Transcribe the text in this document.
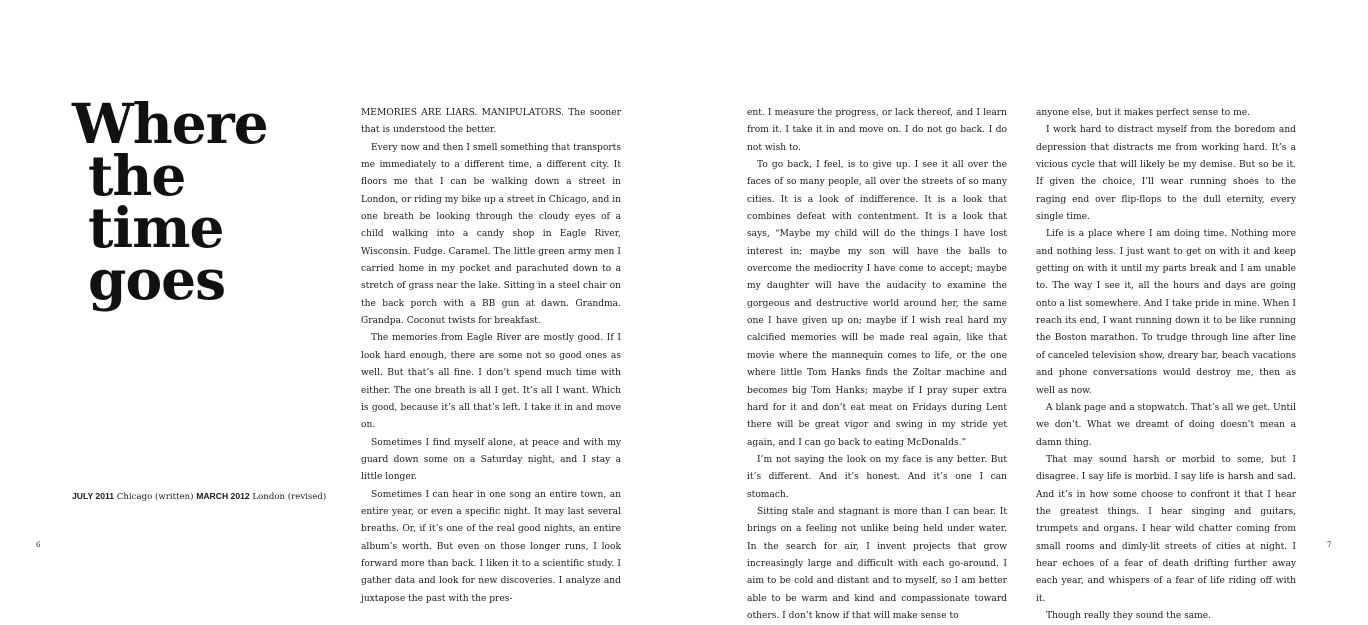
Where
the
time
goes
JULY 2011 Chicago (written) MARCH 2012 London (revised)

MEMORIES ARE LIARS. MANIPULATORS. The sooner that is understood the better.

Every now and then I smell something that transports me immediately to a different time, a different city. It floors me that I can be walking down a street in London, or riding my bike up a street in Chicago, and in one breath be looking through the cloudy eyes of a child walking into a candy shop in Eagle River, Wisconsin. Fudge. Caramel. The little green army men I carried home in my pocket and parachuted down to a stretch of grass near the lake. Sitting in a steel chair on the back porch with a BB gun at dawn. Grandma. Grandpa. Coconut twists for breakfast.

The memories from Eagle River are mostly good. If I look hard enough, there are some not so good ones as well. But that’s all fine. I don’t spend much time with either. The one breath is all I get. It’s all I want. Which is good, because it’s all that’s left. I take it in and move on.

Sometimes I find myself alone, at peace and with my guard down some on a Saturday night, and I stay a little longer.

Sometimes I can hear in one song an entire town, an entire year, or even a specific night. It may last several breaths. Or, if it’s one of the real good nights, an entire album’s worth. But even on those longer runs, I look forward more than back. I liken it to a scientific study. I gather data and look for new discoveries. I analyze and juxtapose the past with the pres-

ent. I measure the progress, or lack thereof, and I learn from it. I take it in and move on. I do not go back. I do not wish to.

To go back, I feel, is to give up. I see it all over the faces of so many people, all over the streets of so many cities. It is a look of indifference. It is a look that combines defeat with contentment. It is a look that says, “Maybe my child will do the things I have lost interest in; maybe my son will have the balls to overcome the mediocrity I have come to accept; maybe my daughter will have the audacity to examine the gorgeous and destructive world around her, the same one I have given up on; maybe if I wish real hard my calcified memories will be made real again, like that movie where the mannequin comes to life, or the one where little Tom Hanks finds the Zoltar machine and becomes big Tom Hanks; maybe if I pray super extra hard for it and don’t eat meat on Fridays during Lent there will be great vigor and swing in my stride yet again, and I can go back to eating McDonalds.”

I’m not saying the look on my face is any better. But it’s different. And it’s honest. And it’s one I can stomach.

Sitting stale and stagnant is more than I can bear. It brings on a feeling not unlike being held under water. In the search for air, I invent projects that grow increasingly large and difficult with each go-around. I aim to be cold and distant and to myself, so I am better able to be warm and kind and compassionate toward others. I don’t know if that will make sense to

anyone else, but it makes perfect sense to me.

I work hard to distract myself from the boredom and depression that distracts me from working hard. It’s a vicious cycle that will likely be my demise. But so be it. If given the choice, I’ll wear running shoes to the raging end over flip-flops to the dull eternity, every single time.

Life is a place where I am doing time. Nothing more and nothing less. I just want to get on with it and keep getting on with it until my parts break and I am unable to. The way I see it, all the hours and days are going onto a list somewhere. And I take pride in mine. When I reach its end, I want running down it to be like running the Boston marathon. To trudge through line after line of canceled television show, dreary bar, beach vacations and phone conversations would destroy me, then as well as now.

A blank page and a stopwatch. That’s all we get. Until we don’t. What we dreamt of doing doesn’t mean a damn thing.

That may sound harsh or morbid to some, but I disagree. I say life is morbid. I say life is harsh and sad. And it’s in how some choose to confront it that I hear the greatest things. I hear singing and guitars, trumpets and organs. I hear wild chatter coming from small rooms and dimly-lit streets of cities at night. I hear echoes of a fear of death drifting further away each year, and whispers of a fear of life riding off with it.

Though really they sound the same.

6	7
